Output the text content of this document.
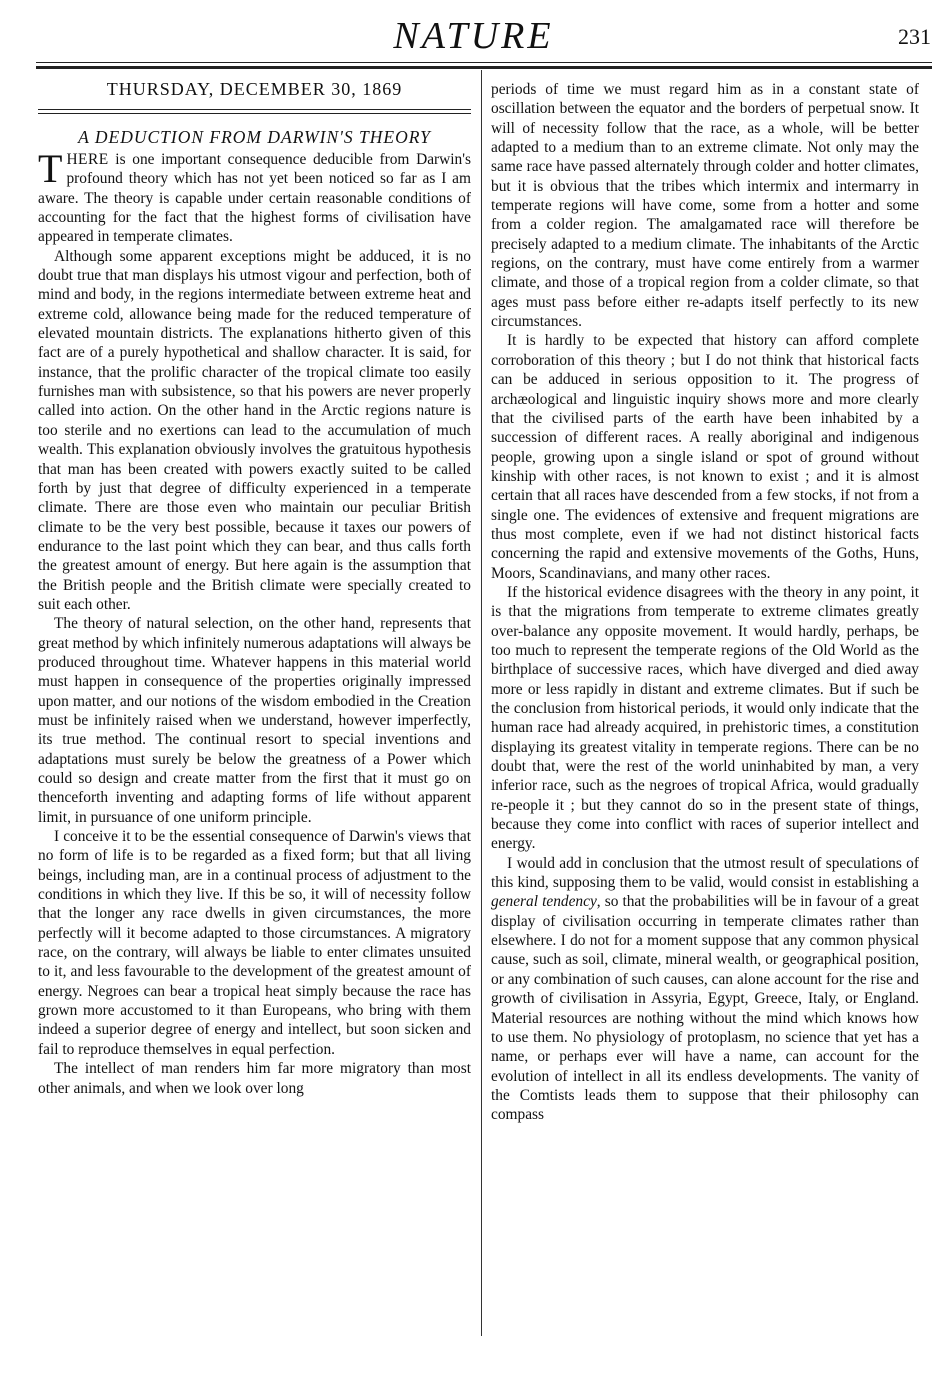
NATURE	231
THURSDAY, DECEMBER 30, 1869
A DEDUCTION FROM DARWIN'S THEORY

THERE is one important consequence deducible from Darwin's profound theory which has not yet been noticed so far as I am aware. The theory is capable under certain reasonable conditions of accounting for the fact that the highest forms of civilisation have appeared in temperate climates.

Although some apparent exceptions might be adduced, it is no doubt true that man displays his utmost vigour and perfection, both of mind and body, in the regions intermediate between extreme heat and extreme cold, allowance being made for the reduced temperature of elevated mountain districts. The explanations hitherto given of this fact are of a purely hypothetical and shallow character. It is said, for instance, that the prolific character of the tropical climate too easily furnishes man with subsistence, so that his powers are never properly called into action. On the other hand in the Arctic regions nature is too sterile and no exertions can lead to the accumulation of much wealth. This explanation obviously involves the gratuitous hypothesis that man has been created with powers exactly suited to be called forth by just that degree of difficulty experienced in a temperate climate. There are those even who maintain our peculiar British climate to be the very best possible, because it taxes our powers of endurance to the last point which they can bear, and thus calls forth the greatest amount of energy. But here again is the assumption that the British people and the British climate were specially created to suit each other.

The theory of natural selection, on the other hand, represents that great method by which infinitely numerous adaptations will always be produced throughout time. Whatever happens in this material world must happen in consequence of the properties originally impressed upon matter, and our notions of the wisdom embodied in the Creation must be infinitely raised when we understand, however imperfectly, its true method. The continual resort to special inventions and adaptations must surely be below the greatness of a Power which could so design and create matter from the first that it must go on thenceforth inventing and adapting forms of life without apparent limit, in pursuance of one uniform principle.

I conceive it to be the essential consequence of Darwin's views that no form of life is to be regarded as a fixed form; but that all living beings, including man, are in a continual process of adjustment to the conditions in which they live. If this be so, it will of necessity follow that the longer any race dwells in given circumstances, the more perfectly will it become adapted to those circumstances. A migratory race, on the contrary, will always be liable to enter climates unsuited to it, and less favourable to the development of the greatest amount of energy. Negroes can bear a tropical heat simply because the race has grown more accustomed to it than Europeans, who bring with them indeed a superior degree of energy and intellect, but soon sicken and fail to reproduce themselves in equal perfection.

The intellect of man renders him far more migratory than most other animals, and when we look over long

periods of time we must regard him as in a constant state of oscillation between the equator and the borders of perpetual snow. It will of necessity follow that the race, as a whole, will be better adapted to a medium than to an extreme climate. Not only may the same race have passed alternately through colder and hotter climates, but it is obvious that the tribes which intermix and intermarry in temperate regions will have come, some from a hotter and some from a colder region. The amalgamated race will therefore be precisely adapted to a medium climate. The inhabitants of the Arctic regions, on the contrary, must have come entirely from a warmer climate, and those of a tropical region from a colder climate, so that ages must pass before either re-adapts itself perfectly to its new circumstances.

It is hardly to be expected that history can afford complete corroboration of this theory ; but I do not think that historical facts can be adduced in serious opposition to it. The progress of archæological and linguistic inquiry shows more and more clearly that the civilised parts of the earth have been inhabited by a succession of different races. A really aboriginal and indigenous people, growing upon a single island or spot of ground without kinship with other races, is not known to exist ; and it is almost certain that all races have descended from a few stocks, if not from a single one. The evidences of extensive and frequent migrations are thus most complete, even if we had not distinct historical facts concerning the rapid and extensive movements of the Goths, Huns, Moors, Scandinavians, and many other races.

If the historical evidence disagrees with the theory in any point, it is that the migrations from temperate to extreme climates greatly over-balance any opposite movement. It would hardly, perhaps, be too much to represent the temperate regions of the Old World as the birthplace of successive races, which have diverged and died away more or less rapidly in distant and extreme climates. But if such be the conclusion from historical periods, it would only indicate that the human race had already acquired, in prehistoric times, a constitution displaying its greatest vitality in temperate regions. There can be no doubt that, were the rest of the world uninhabited by man, a very inferior race, such as the negroes of tropical Africa, would gradually re-people it ; but they cannot do so in the present state of things, because they come into conflict with races of superior intellect and energy.

I would add in conclusion that the utmost result of speculations of this kind, supposing them to be valid, would consist in establishing a general tendency, so that the probabilities will be in favour of a great display of civilisation occurring in temperate climates rather than elsewhere. I do not for a moment suppose that any common physical cause, such as soil, climate, mineral wealth, or geographical position, or any combination of such causes, can alone account for the rise and growth of civilisation in Assyria, Egypt, Greece, Italy, or England. Material resources are nothing without the mind which knows how to use them. No physiology of protoplasm, no science that yet has a name, or perhaps ever will have a name, can account for the evolution of intellect in all its endless developments. The vanity of the Comtists leads them to suppose that their philosophy can compass
